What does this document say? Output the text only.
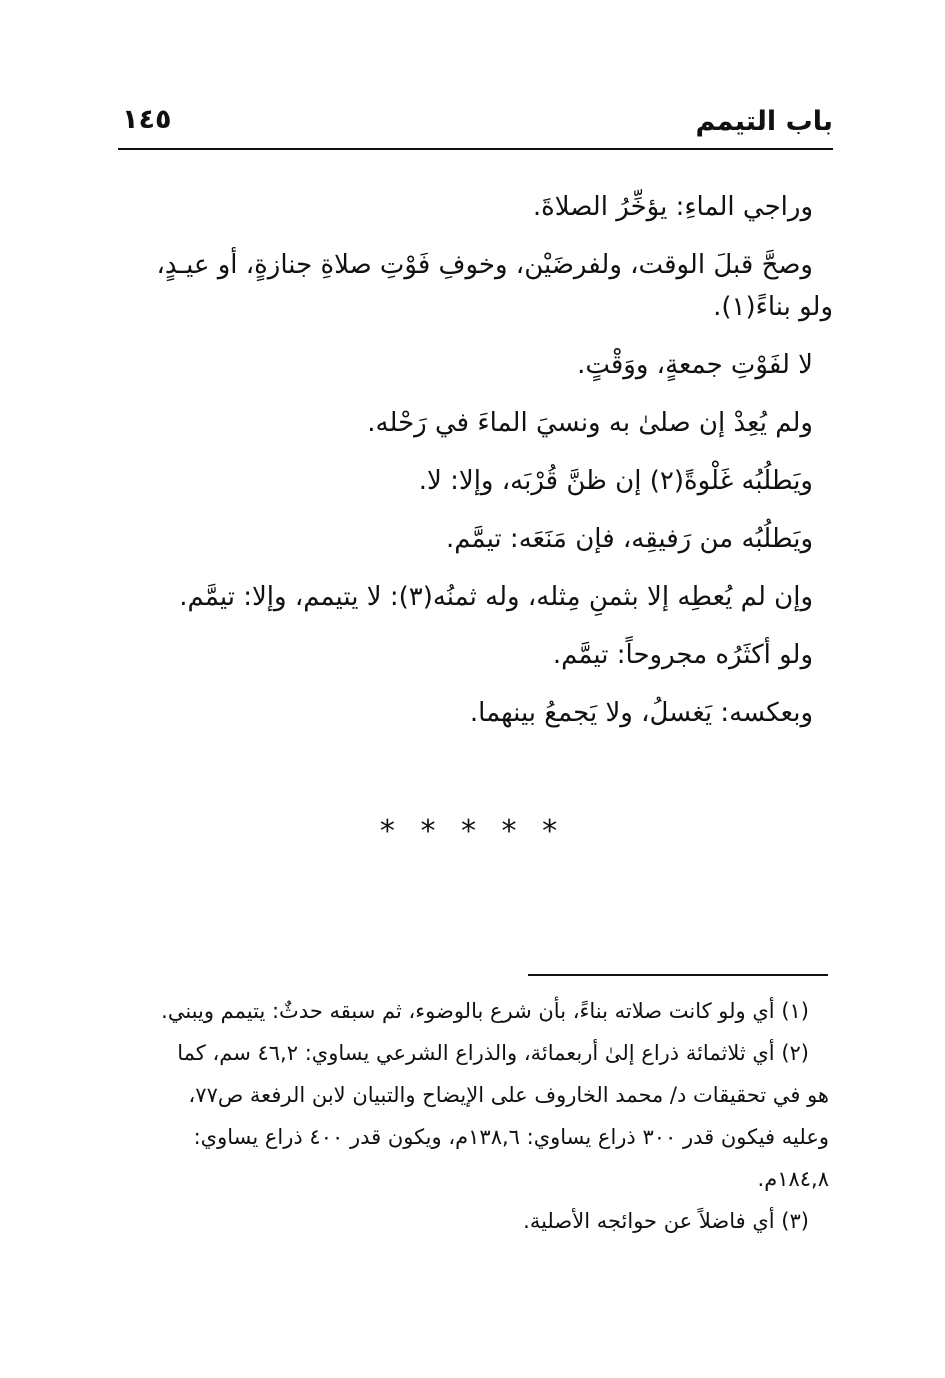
باب التيمم
١٤٥
وراجي الماءِ: يؤخِّرُ الصلاةَ.
وصحَّ قبلَ الوقت، ولفرضَيْن، وخوفِ فَوْتِ صلاةِ جنازةٍ، أو عيـدٍ،
ولو بناءً(١).
لا لفَوْتِ جمعةٍ، ووَقْتٍ.
ولم يُعِدْ إن صلىٰ به ونسيَ الماءَ في رَحْله.
ويَطلُبُه غَلْوةً(٢) إن ظنَّ قُرْبَه، وإلا: لا.
ويَطلُبُه من رَفيقِه، فإن مَنَعَه: تيمَّم.
وإن لم يُعطِه إلا بثمنِ مِثله، وله ثمنُه(٣): لا يتيمم، وإلا: تيمَّم.
ولو أكثَرُه مجروحاً: تيمَّم.
وبعكسه: يَغسلُ، ولا يَجمعُ بينهما.
* * * * *
(١) أي ولو كانت صلاته بناءً، بأن شرع بالوضوء، ثم سبقه حدثٌ: يتيمم ويبني.
(٢) أي ثلاثمائة ذراع إلىٰ أربعمائة، والذراع الشرعي يساوي: ٤٦,٢ سم، كما
هو في تحقيقات د/ محمد الخاروف على الإيضاح والتبيان لابن الرفعة ص٧٧،
وعليه فيكون قدر ٣٠٠ ذراع يساوي: ١٣٨,٦م، ويكون قدر ٤٠٠ ذراع يساوي:
١٨٤,٨م.
(٣) أي فاضلاً عن حوائجه الأصلية.
